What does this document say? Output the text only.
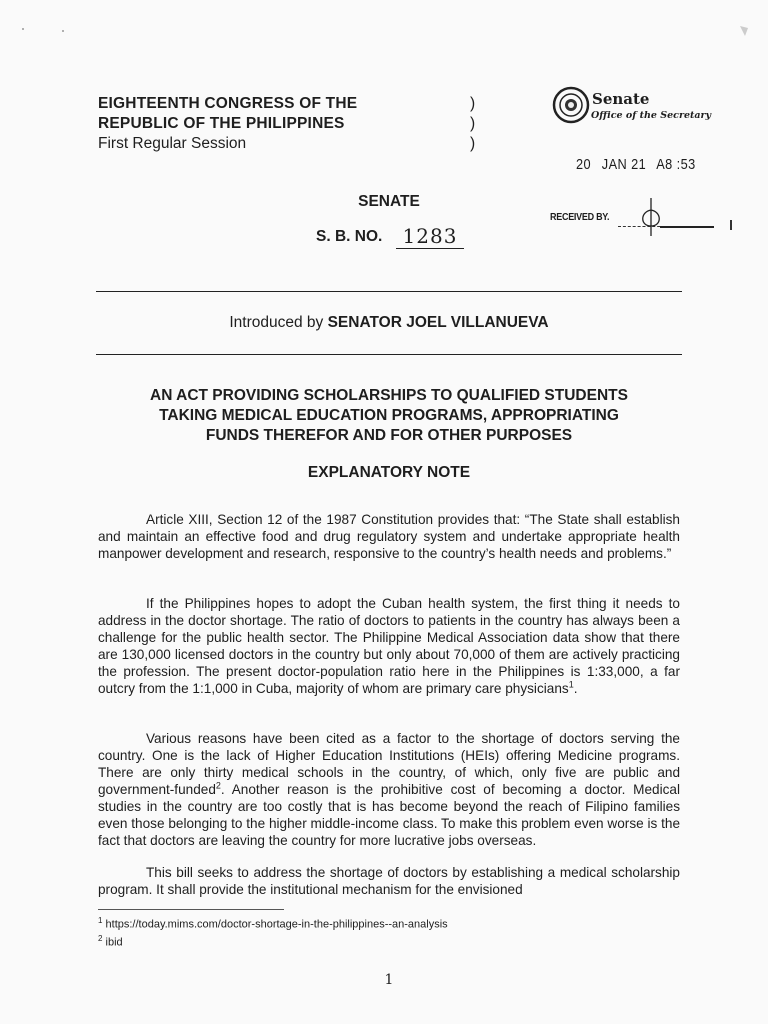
EIGHTEENTH CONGRESS OF THE
REPUBLIC OF THE PHILIPPINES
First Regular Session
)
)
)
Senate
Office of the Secretary
20 JAN 21 A8 :53
RECEIVED BY.
SENATE
S. B. NO.	1283
Introduced by SENATOR JOEL VILLANUEVA
AN ACT PROVIDING SCHOLARSHIPS TO QUALIFIED STUDENTS
TAKING MEDICAL EDUCATION PROGRAMS, APPROPRIATING
FUNDS THEREFOR AND FOR OTHER PURPOSES
EXPLANATORY NOTE

Article XIII, Section 12 of the 1987 Constitution provides that: “The State shall establish and maintain an effective food and drug regulatory system and undertake appropriate health manpower development and research, responsive to the country’s health needs and problems.”

If the Philippines hopes to adopt the Cuban health system, the first thing it needs to address in the doctor shortage. The ratio of doctors to patients in the country has always been a challenge for the public health sector. The Philippine Medical Association data show that there are 130,000 licensed doctors in the country but only about 70,000 of them are actively practicing the profession. The present doctor-population ratio here in the Philippines is 1:33,000, a far outcry from the 1:1,000 in Cuba, majority of whom are primary care physicians$^1$.

Various reasons have been cited as a factor to the shortage of doctors serving the country. One is the lack of Higher Education Institutions (HEIs) offering Medicine programs. There are only thirty medical schools in the country, of which, only five are public and government-funded$^2$. Another reason is the prohibitive cost of becoming a doctor. Medical studies in the country are too costly that is has become beyond the reach of Filipino families even those belonging to the higher middle-income class. To make this problem even worse is the fact that doctors are leaving the country for more lucrative jobs overseas.

This bill seeks to address the shortage of doctors by establishing a medical scholarship program. It shall provide the institutional mechanism for the envisioned

$^1$ https://today.mims.com/doctor-shortage-in-the-philippines--an-analysis
$^2$ ibid
1
